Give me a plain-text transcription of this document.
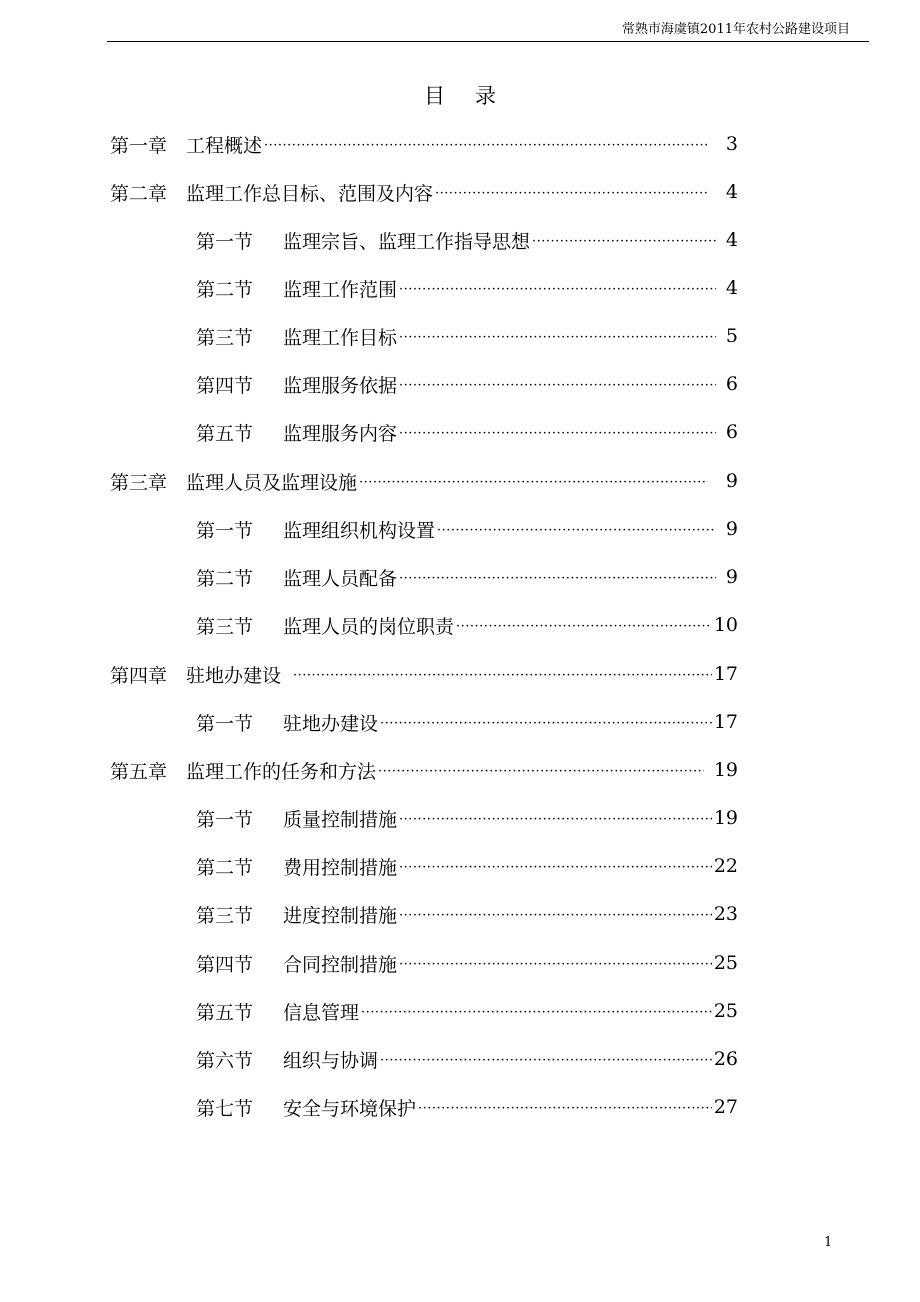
常熟市海虞镇2011年农村公路建设项目
目录
第一章 工程概述 ·····	3
第二章 监理工作总目标、范围及内容 ·····	4
第一节	监理宗旨、监理工作指导思想 ·····	4
第二节	监理工作范围 ·····	4
第三节	监理工作目标 ·····	5
第四节	监理服务依据 ·····	6
第五节	监理服务内容 ·····	6
第三章 监理人员及监理设施 ·····	9
第一节	监理组织机构设置 ·····	9
第二节	监理人员配备 ·····	9
第三节	监理人员的岗位职责 ·····	10
第四章 驻地办建设 ·····	17
第一节	驻地办建设 ·····	17
第五章 监理工作的任务和方法 ·····	19
第一节	质量控制措施 ·····	19
第二节	费用控制措施 ·····	22
第三节	进度控制措施 ·····	23
第四节	合同控制措施 ·····	25
第五节	信息管理 ·····	25
第六节	组织与协调 ·····	26
第七节	安全与环境保护 ·····	27
1
